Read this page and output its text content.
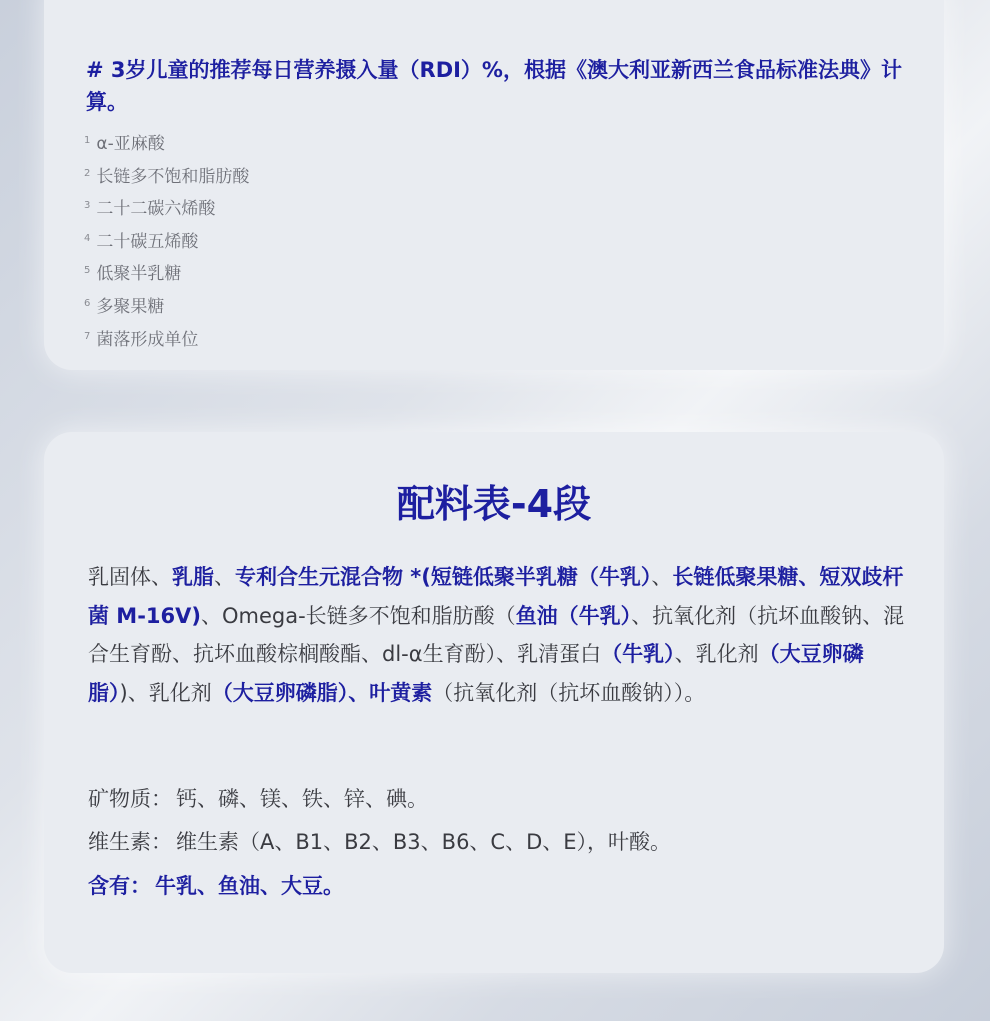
# 3岁儿童的推荐每日营养摄入量（RDI）%，根据《澳大利亚新西兰食品标准法典》计算。
$^1$ α-亚麻酸
$^2$ 长链多不饱和脂肪酸
$^3$ 二十二碳六烯酸
$^4$ 二十碳五烯酸
$^5$ 低聚半乳糖
$^6$ 多聚果糖
$^7$ 菌落形成单位
配料表-4段
乳固体、乳脂、专利合生元混合物 *(短链低聚半乳糖（牛乳）、长链低聚果糖、短双歧杆菌 M-16V)、Omega-长链多不饱和脂肪酸（鱼油（牛乳）、抗氧化剂（抗坏血酸钠、混合生育酚、抗坏血酸棕榈酸酯、dl-α生育酚）、乳清蛋白（牛乳）、乳化剂（大豆卵磷脂）)、乳化剂（大豆卵磷脂）、叶黄素（抗氧化剂（抗坏血酸钠））。
矿物质： 钙、磷、镁、铁、锌、碘。
维生素： 维生素（A、B1、B2、B3、B6、C、D、E），叶酸。
含有： 牛乳、鱼油、大豆。
